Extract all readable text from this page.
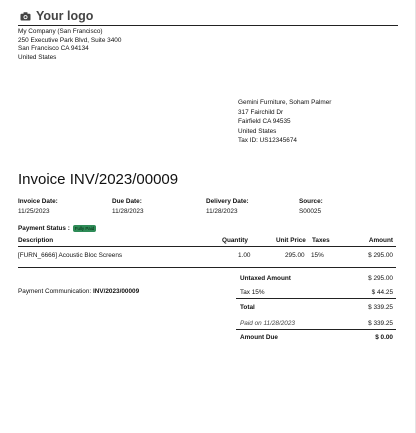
Your logo
My Company (San Francisco)
250 Executive Park Blvd, Suite 3400
San Francisco CA 94134
United States
Gemini Furniture, Soham Palmer
317 Fairchild Dr
Fairfield CA 94535
United States
Tax ID: US12345674
Invoice INV/2023/00009
Invoice Date:
11/25/2023
Due Date:
11/28/2023
Delivery Date:
11/28/2023
Source:
S00025
Payment Status :	Fully Paid
Description	Quantity	Unit Price Taxes	Amount
[FURN_6666] Acoustic Bloc Screens	1.00	295.00 15%	$ 295.00
Payment Communication: INV/2023/00009
Untaxed Amount	$ 295.00
Tax 15%	$ 44.25
Total	$ 339.25
Paid on 11/28/2023	$ 339.25
Amount Due	$ 0.00
